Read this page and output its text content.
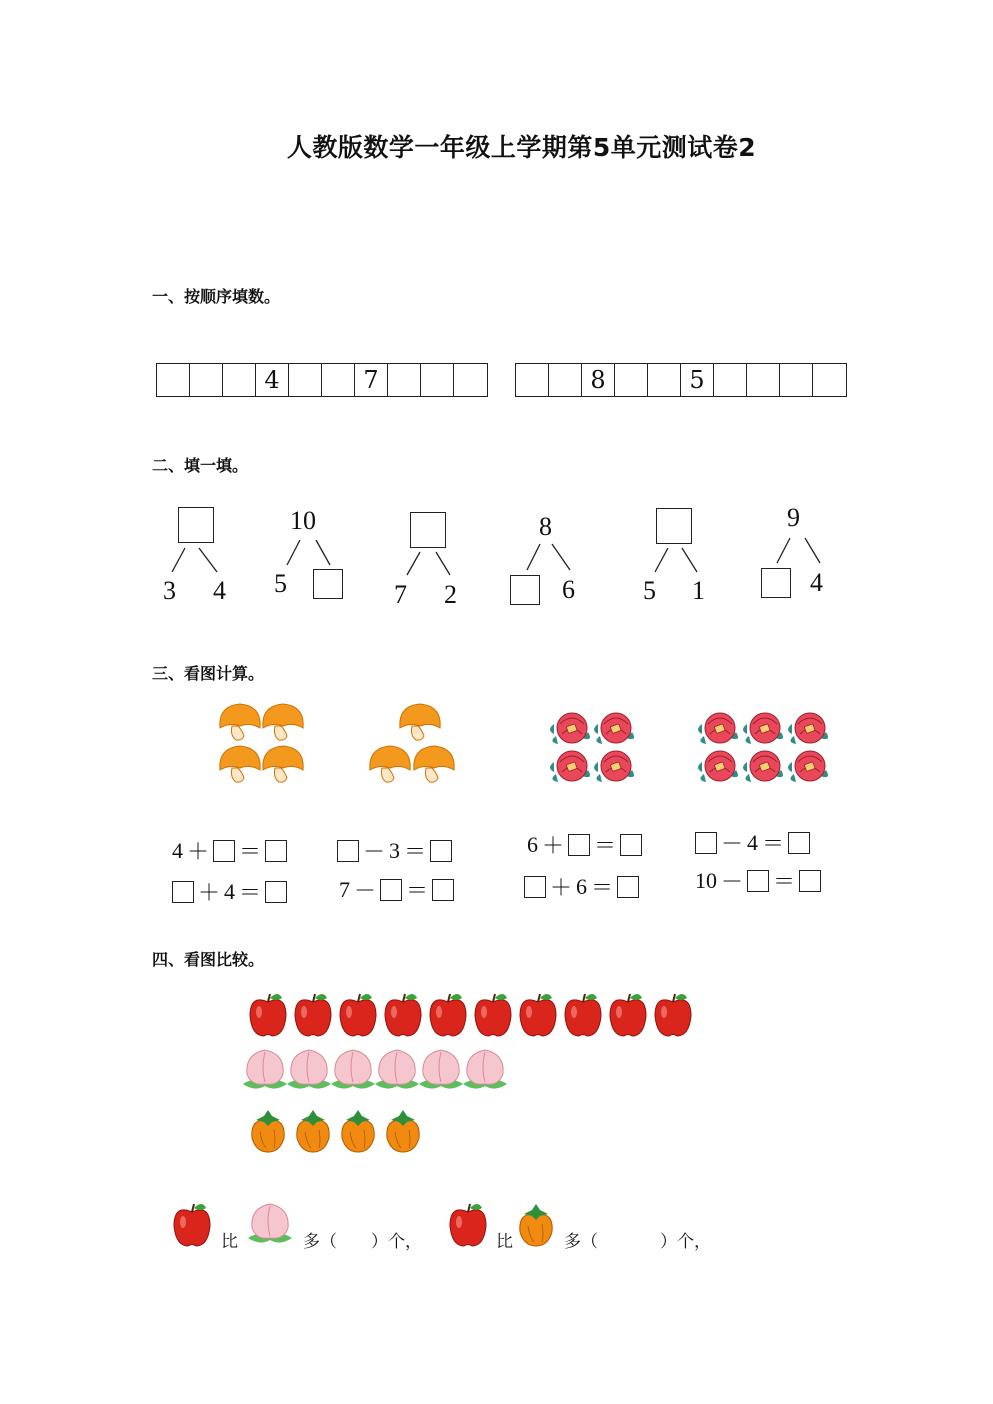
人教版数学一年级上学期第5单元测试卷2
一、按顺序填数。
4	7	8	5
二、填一填。
3 4
10
5	7 2
8
6	5 1
9
4
三、看图计算。
4 ＋ ＝
＋ 4 ＝
－ 3 ＝
7 － ＝
6 ＋ ＝
＋ 6 ＝
－ 4 ＝
10 － ＝
四、看图比较。
比	多（ ）个，	比	多（	）个，
